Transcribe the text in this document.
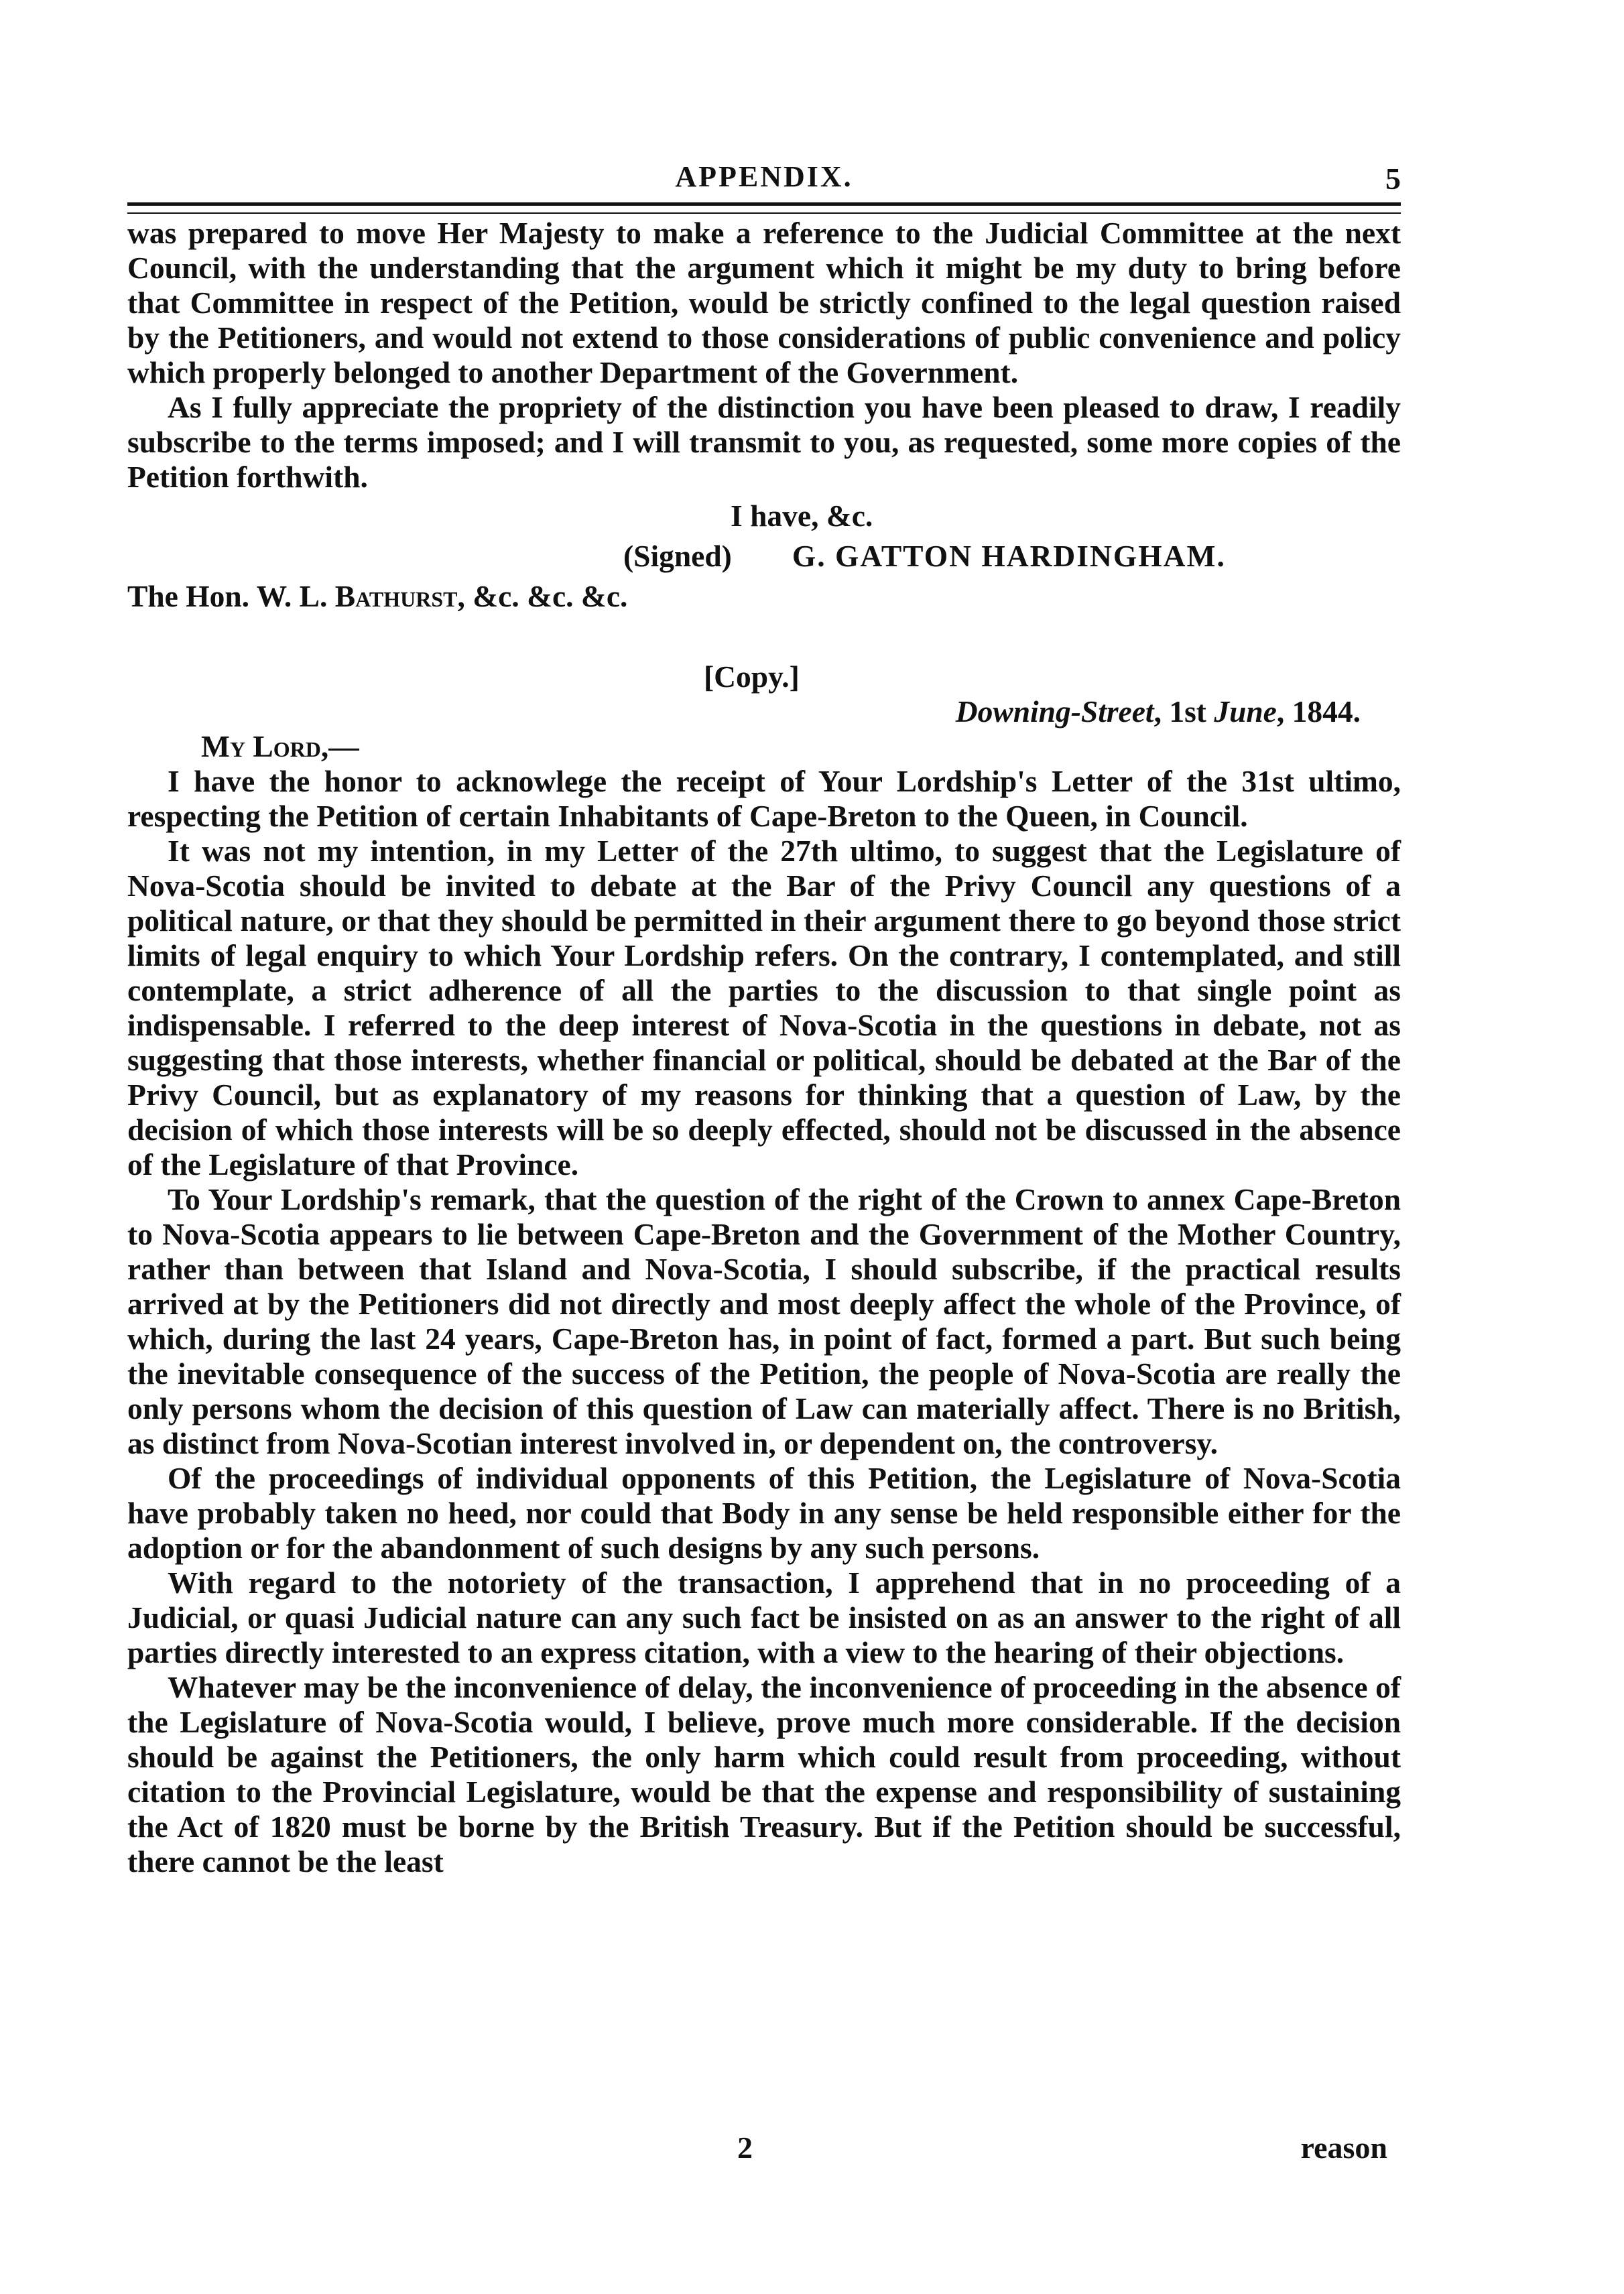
APPENDIX.	5

was prepared to move Her Majesty to make a reference to the Judicial Committee at the next Council, with the understanding that the argument which it might be my duty to bring before that Committee in respect of the Petition, would be strictly confined to the legal question raised by the Petitioners, and would not extend to those considerations of public convenience and policy which properly belonged to another Department of the Government.

As I fully appreciate the propriety of the distinction you have been pleased to draw, I readily subscribe to the terms imposed; and I will transmit to you, as requested, some more copies of the Petition forthwith.

I have, &c.

(Signed) G. GATTON HARDINGHAM.

The Hon. W. L. Bathurst, &c. &c. &c.

[Copy.]

Downing-Street, 1st June, 1844.

My Lord,—

I have the honor to acknowlege the receipt of Your Lordship's Letter of the 31st ultimo, respecting the Petition of certain Inhabitants of Cape-Breton to the Queen, in Council.

It was not my intention, in my Letter of the 27th ultimo, to suggest that the Legislature of Nova-Scotia should be invited to debate at the Bar of the Privy Council any questions of a political nature, or that they should be permitted in their argument there to go beyond those strict limits of legal enquiry to which Your Lordship refers. On the contrary, I contemplated, and still contemplate, a strict adherence of all the parties to the discussion to that single point as indispensable. I referred to the deep interest of Nova-Scotia in the questions in debate, not as suggesting that those interests, whether financial or political, should be debated at the Bar of the Privy Council, but as explanatory of my reasons for thinking that a question of Law, by the decision of which those interests will be so deeply effected, should not be discussed in the absence of the Legislature of that Province.

To Your Lordship's remark, that the question of the right of the Crown to annex Cape-Breton to Nova-Scotia appears to lie between Cape-Breton and the Government of the Mother Country, rather than between that Island and Nova-Scotia, I should subscribe, if the practical results arrived at by the Petitioners did not directly and most deeply affect the whole of the Province, of which, during the last 24 years, Cape-Breton has, in point of fact, formed a part. But such being the inevitable consequence of the success of the Petition, the people of Nova-Scotia are really the only persons whom the decision of this question of Law can materially affect. There is no British, as distinct from Nova-Scotian interest involved in, or dependent on, the controversy.

Of the proceedings of individual opponents of this Petition, the Legislature of Nova-Scotia have probably taken no heed, nor could that Body in any sense be held responsible either for the adoption or for the abandonment of such designs by any such persons.

With regard to the notoriety of the transaction, I apprehend that in no proceeding of a Judicial, or quasi Judicial nature can any such fact be insisted on as an answer to the right of all parties directly interested to an express citation, with a view to the hearing of their objections.

Whatever may be the inconvenience of delay, the inconvenience of proceeding in the absence of the Legislature of Nova-Scotia would, I believe, prove much more considerable. If the decision should be against the Petitioners, the only harm which could result from proceeding, without citation to the Provincial Legislature, would be that the expense and responsibility of sustaining the Act of 1820 must be borne by the British Treasury. But if the Petition should be successful, there cannot be the least

2	reason
